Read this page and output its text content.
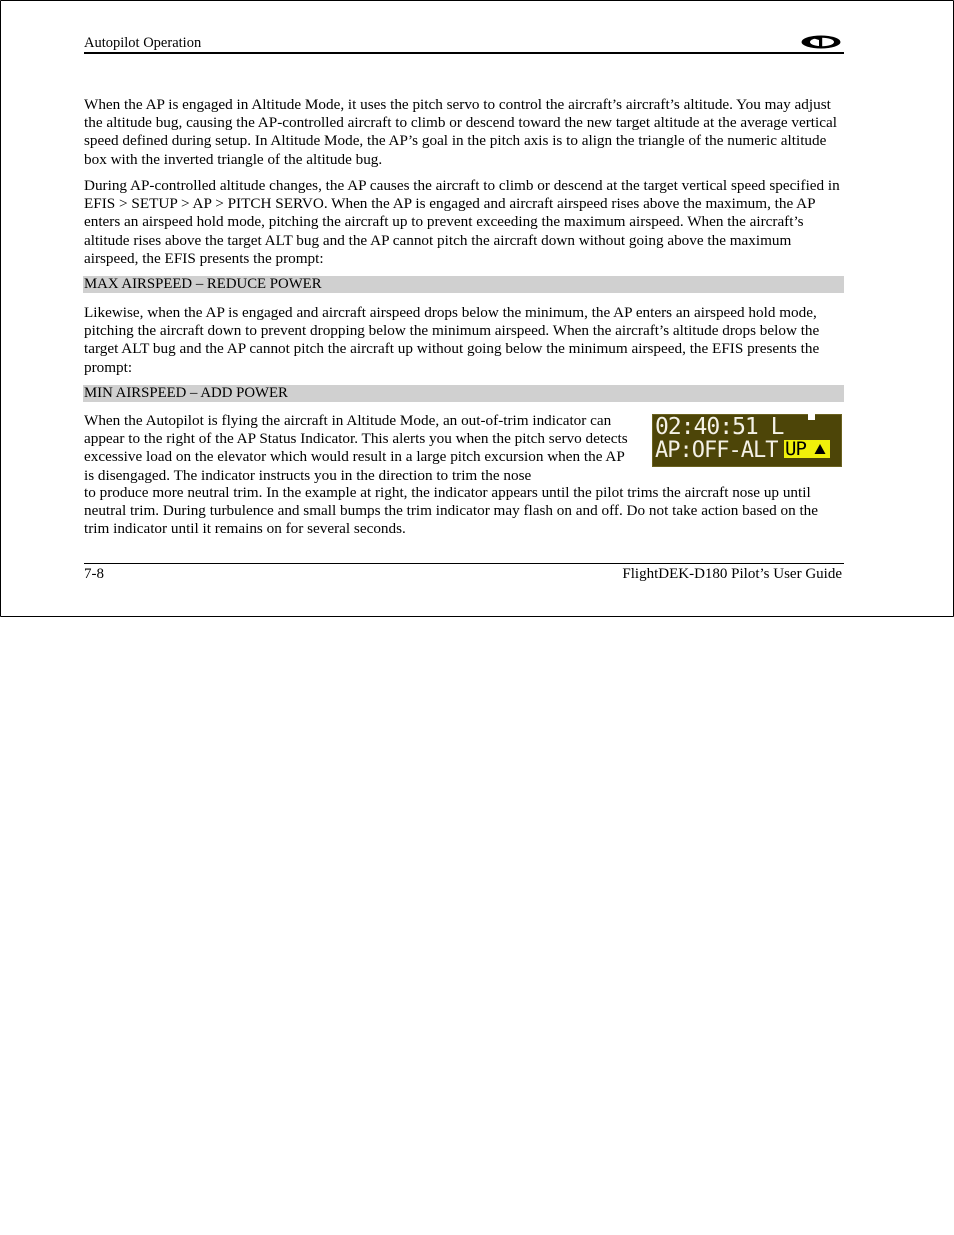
Autopilot Operation

When the AP is engaged in Altitude Mode, it uses the pitch servo to control the aircraft’s aircraft’s altitude. You may adjust the altitude bug, causing the AP-controlled aircraft to climb or descend toward the new target altitude at the average vertical speed defined during setup. In Altitude Mode, the AP’s goal in the pitch axis is to align the triangle of the numeric altitude box with the inverted triangle of the altitude bug.

During AP-controlled altitude changes, the AP causes the aircraft to climb or descend at the target vertical speed specified in EFIS > SETUP > AP > PITCH SERVO. When the AP is engaged and aircraft airspeed rises above the maximum, the AP enters an airspeed hold mode, pitching the aircraft up to prevent exceeding the maximum airspeed. When the aircraft’s altitude rises above the target ALT bug and the AP cannot pitch the aircraft down without going above the maximum airspeed, the EFIS presents the prompt:

MAX AIRSPEED – REDUCE POWER

Likewise, when the AP is engaged and aircraft airspeed drops below the minimum, the AP enters an airspeed hold mode, pitching the aircraft down to prevent dropping below the minimum airspeed. When the aircraft’s altitude drops below the target ALT bug and the AP cannot pitch the aircraft up without going below the minimum airspeed, the EFIS presents the prompt:

MIN AIRSPEED – ADD POWER

When the Autopilot is flying the aircraft in Altitude Mode, an out-of-trim indicator can appear to the right of the AP Status Indicator. This alerts you when the pitch servo detects excessive load on the elevator which would result in a large pitch excursion when the AP is disengaged. The indicator instructs you in the direction to trim the nose

to produce more neutral trim. In the example at right, the indicator appears until the pilot trims the aircraft nose up until neutral trim. During turbulence and small bumps the trim indicator may flash on and off. Do not take action based on the trim indicator until it remains on for several seconds.

02:40:51 L
AP:OFF-ALT UP
7-8	FlightDEK-D180 Pilot’s User Guide
